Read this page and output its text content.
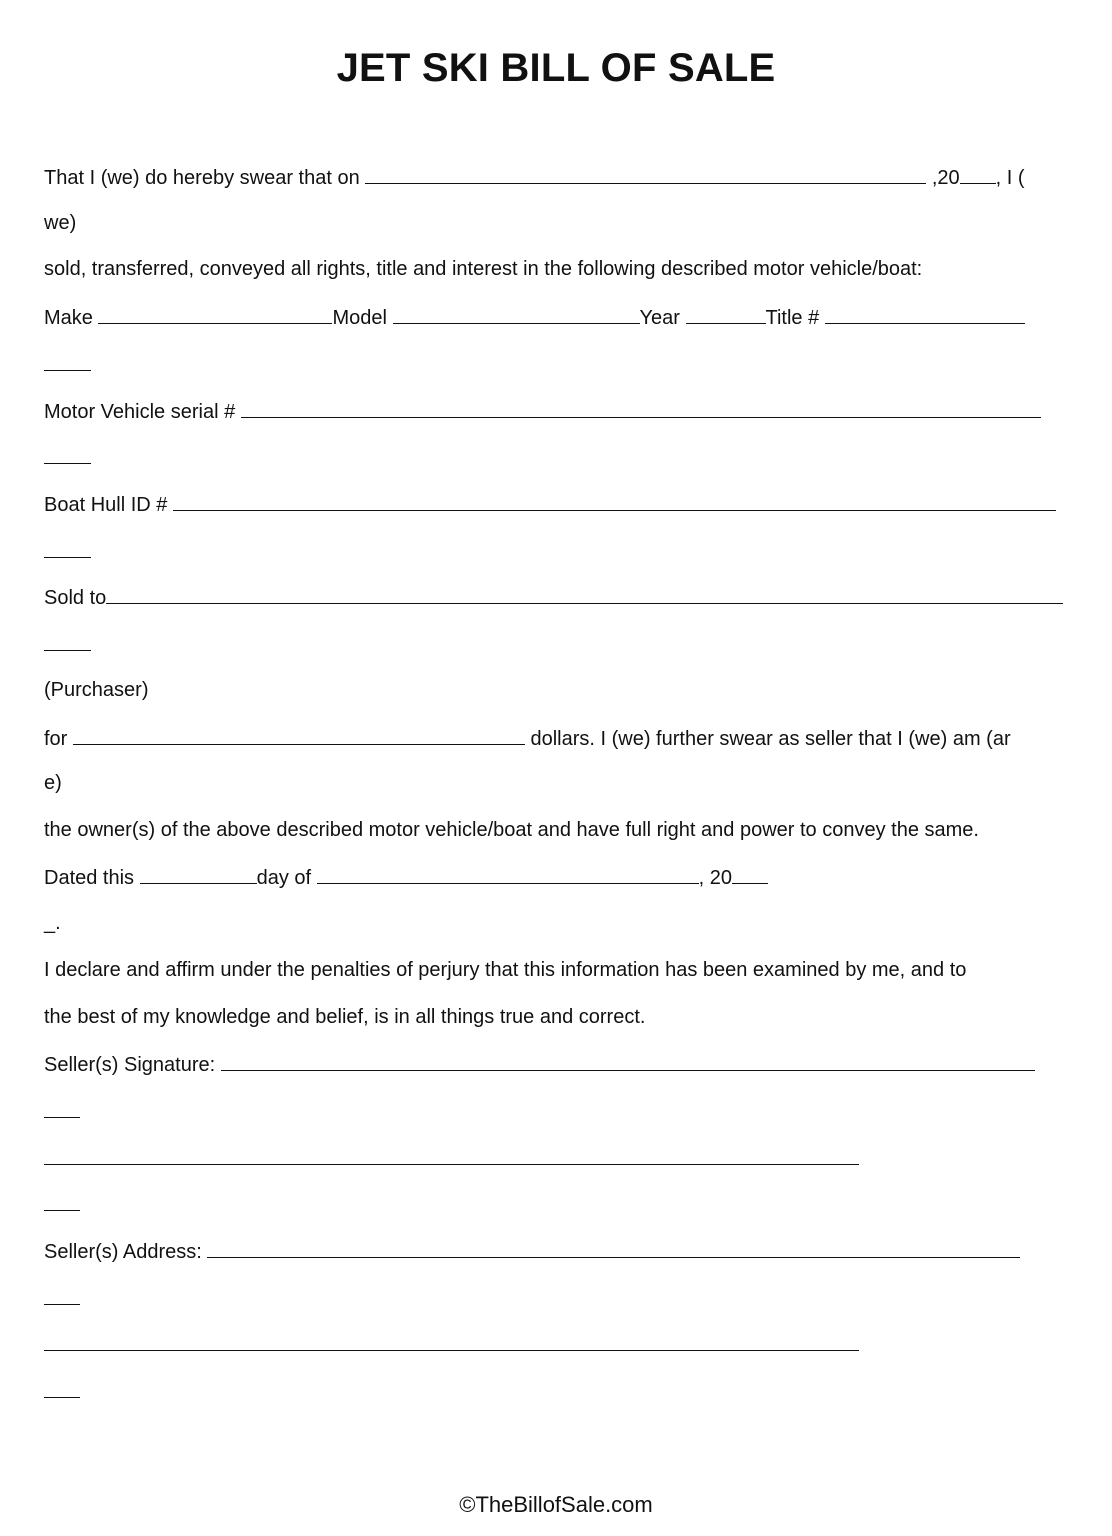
JET SKI BILL OF SALE
That I (we) do hereby swear that on	,20 , I (
we)
sold, transferred, conveyed all rights, title and interest in the following described motor vehicle/boat:
Make	Model	Year	Title #
Motor Vehicle serial #
Boat Hull ID #
Sold to
(Purchaser)
for	dollars. I (we) further swear as seller that I (we) am (ar
e)
the owner(s) of the above described motor vehicle/boat and have full right and power to convey the same.
Dated this	day of	, 20
_.
I declare and affirm under the penalties of perjury that this information has been examined by me, and to
the best of my knowledge and belief, is in all things true and correct.
Seller(s) Signature:
Seller(s) Address:
©TheBillofSale.com
